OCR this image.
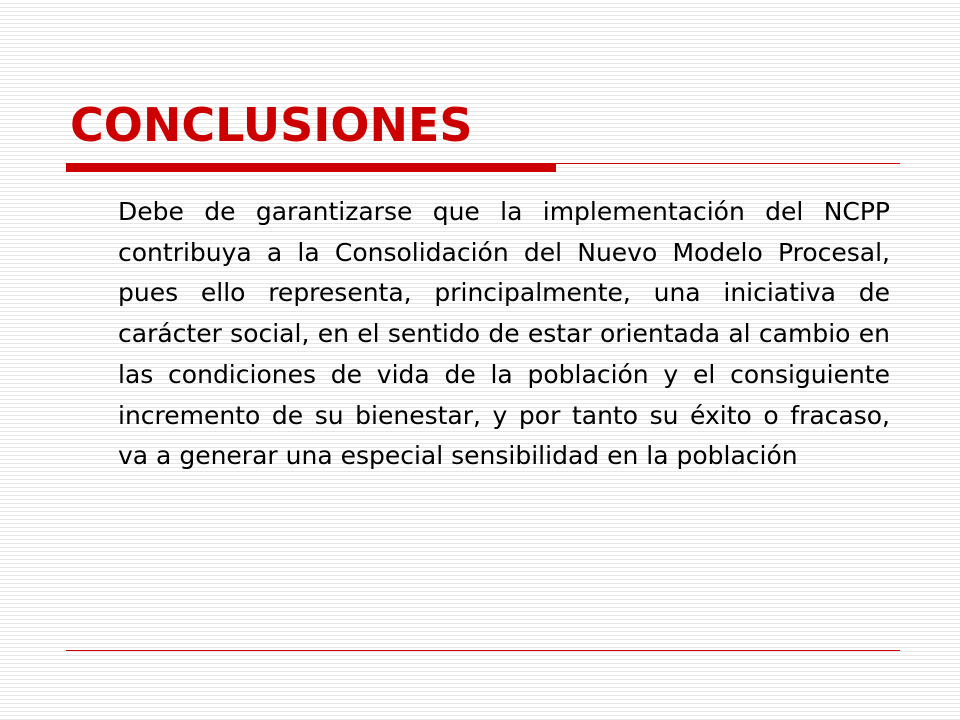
CONCLUSIONES

Debe de garantizarse que la implementación del NCPP contribuya a la Consolidación del Nuevo Modelo Procesal, pues ello representa, principalmente, una iniciativa de carácter social, en el sentido de estar orientada al cambio en las condiciones de vida de la población y el consiguiente incremento de su bienestar, y por tanto su éxito o fracaso, va a generar una especial sensibilidad en la población
